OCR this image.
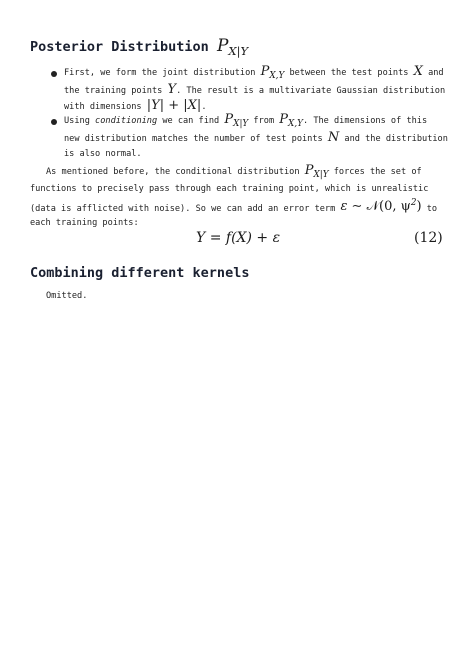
Posterior Distribution $P_{X|Y}$
First, we form the joint distribution $P_{X,Y}$ between the test points X and
the training points Y. The result is a multivariate Gaussian distribution
with dimensions |Y| + |X|.
Using conditioning we can find $P_{X|Y}$ from $P_{X,Y}$. The dimensions of this
new distribution matches the number of test points N and the distribution
is also normal.
As mentioned before, the conditional distribution $P_{X|Y}$ forces the set of
functions to precisely pass through each training point, which is unrealistic
(data is afflicted with noise). So we can add an error term ε ∼ 𝒩(0, $\psi^2$) to
each training points:
Y = f(X) + ε	(12)
Combining different kernels
Omitted.
